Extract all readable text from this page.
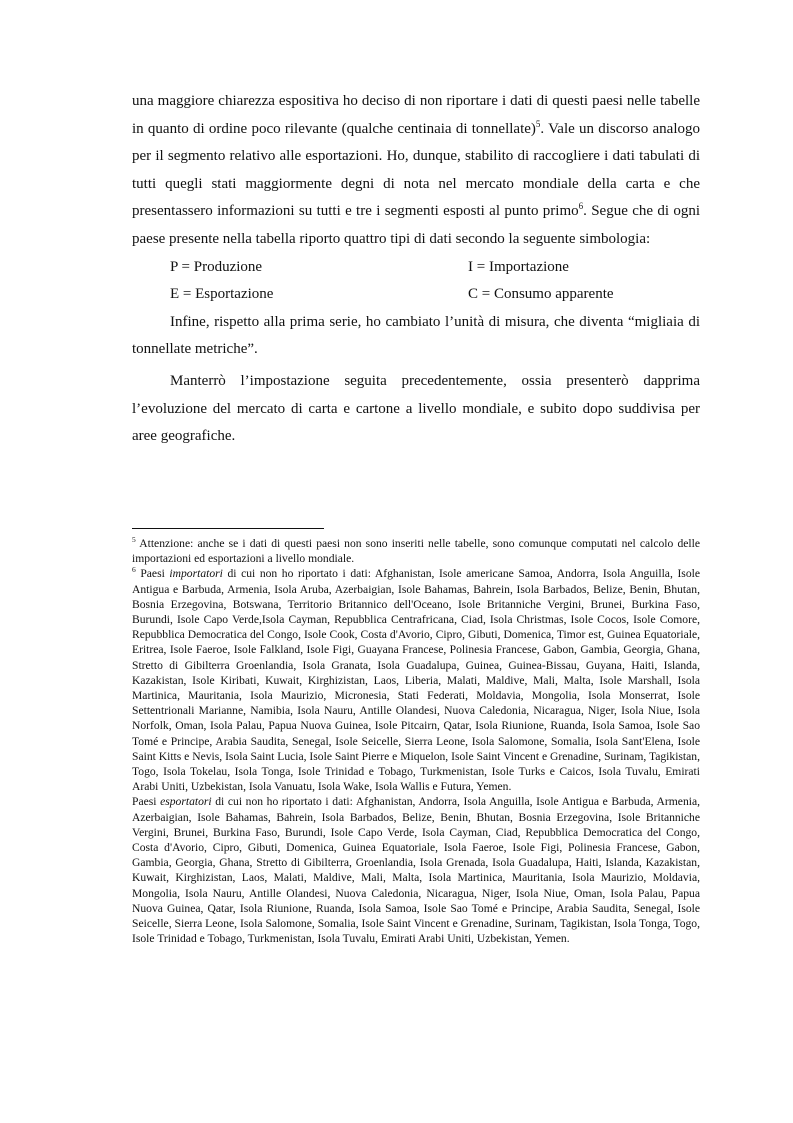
una maggiore chiarezza espositiva ho deciso di non riportare i dati di questi paesi nelle tabelle in quanto di ordine poco rilevante (qualche centinaia di tonnellate)$^5$. Vale un discorso analogo per il segmento relativo alle esportazioni. Ho, dunque, stabilito di raccogliere i dati tabulati di tutti quegli stati maggiormente degni di nota nel mercato mondiale della carta e che presentassero informazioni su tutti e tre i segmenti esposti al punto primo$^6$. Segue che di ogni paese presente nella tabella riporto quattro tipi di dati secondo la seguente simbologia:

P = Produzione	I = Importazione
E = Esportazione	C = Consumo apparente

Infine, rispetto alla prima serie, ho cambiato l’unità di misura, che diventa “migliaia di tonnellate metriche”.

Manterrò l’impostazione seguita precedentemente, ossia presenterò dapprima l’evoluzione del mercato di carta e cartone a livello mondiale, e subito dopo suddivisa per aree geografiche.

$^5$ Attenzione: anche se i dati di questi paesi non sono inseriti nelle tabelle, sono comunque computati nel calcolo delle importazioni ed esportazioni a livello mondiale.

$^6$ Paesi importatori di cui non ho riportato i dati: Afghanistan, Isole americane Samoa, Andorra, Isola Anguilla, Isole Antigua e Barbuda, Armenia, Isola Aruba, Azerbaigian, Isole Bahamas, Bahrein, Isola Barbados, Belize, Benin, Bhutan, Bosnia Erzegovina, Botswana, Territorio Britannico dell'Oceano, Isole Britanniche Vergini, Brunei, Burkina Faso, Burundi, Isole Capo Verde,Isola Cayman, Repubblica Centrafricana, Ciad, Isola Christmas, Isole Cocos, Isole Comore, Repubblica Democratica del Congo, Isole Cook, Costa d'Avorio, Cipro, Gibuti, Domenica, Timor est, Guinea Equatoriale, Eritrea, Isole Faeroe, Isole Falkland, Isole Figi, Guayana Francese, Polinesia Francese, Gabon, Gambia, Georgia, Ghana, Stretto di Gibilterra Groenlandia, Isola Granata, Isola Guadalupa, Guinea, Guinea-Bissau, Guyana, Haiti, Islanda, Kazakistan, Isole Kiribati, Kuwait, Kirghizistan, Laos, Liberia, Malati, Maldive, Mali, Malta, Isole Marshall, Isola Martinica, Mauritania, Isola Maurizio, Micronesia, Stati Federati, Moldavia, Mongolia, Isola Monserrat, Isole Settentrionali Marianne, Namibia, Isola Nauru, Antille Olandesi, Nuova Caledonia, Nicaragua, Niger, Isola Niue, Isola Norfolk, Oman, Isola Palau, Papua Nuova Guinea, Isole Pitcairn, Qatar, Isola Riunione, Ruanda, Isola Samoa, Isole Sao Tomé e Principe, Arabia Saudita, Senegal, Isole Seicelle, Sierra Leone, Isola Salomone, Somalia, Isola Sant'Elena, Isole Saint Kitts e Nevis, Isola Saint Lucia, Isole Saint Pierre e Miquelon, Isole Saint Vincent e Grenadine, Surinam, Tagikistan, Togo, Isola Tokelau, Isola Tonga, Isole Trinidad e Tobago, Turkmenistan, Isole Turks e Caicos, Isola Tuvalu, Emirati Arabi Uniti, Uzbekistan, Isola Vanuatu, Isola Wake, Isola Wallis e Futura, Yemen.

Paesi esportatori di cui non ho riportato i dati: Afghanistan, Andorra, Isola Anguilla, Isole Antigua e Barbuda, Armenia, Azerbaigian, Isole Bahamas, Bahrein, Isola Barbados, Belize, Benin, Bhutan, Bosnia Erzegovina, Isole Britanniche Vergini, Brunei, Burkina Faso, Burundi, Isole Capo Verde, Isola Cayman, Ciad, Repubblica Democratica del Congo, Costa d'Avorio, Cipro, Gibuti, Domenica, Guinea Equatoriale, Isola Faeroe, Isole Figi, Polinesia Francese, Gabon, Gambia, Georgia, Ghana, Stretto di Gibilterra, Groenlandia, Isola Grenada, Isola Guadalupa, Haiti, Islanda, Kazakistan, Kuwait, Kirghizistan, Laos, Malati, Maldive, Mali, Malta, Isola Martinica, Mauritania, Isola Maurizio, Moldavia, Mongolia, Isola Nauru, Antille Olandesi, Nuova Caledonia, Nicaragua, Niger, Isola Niue, Oman, Isola Palau, Papua Nuova Guinea, Qatar, Isola Riunione, Ruanda, Isola Samoa, Isole Sao Tomé e Principe, Arabia Saudita, Senegal, Isole Seicelle, Sierra Leone, Isola Salomone, Somalia, Isole Saint Vincent e Grenadine, Surinam, Tagikistan, Isola Tonga, Togo, Isole Trinidad e Tobago, Turkmenistan, Isola Tuvalu, Emirati Arabi Uniti, Uzbekistan, Yemen.
